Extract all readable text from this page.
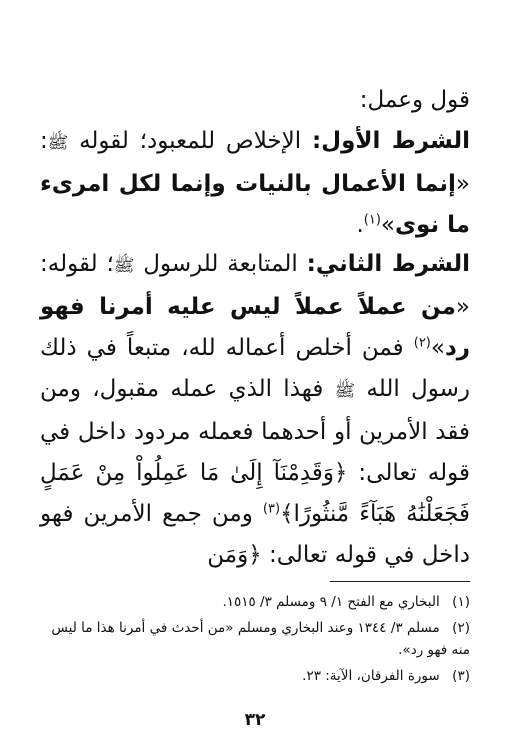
قول وعمل:
الشرط الأول: الإخلاص للمعبود؛ لقوله ﷺ: «إنما الأعمال بالنيات وإنما لكل امرىء ما نوى»$^{(١)}$.
الشرط الثاني: المتابعة للرسول ﷺ؛ لقوله: «من عملاً عملاً ليس عليه أمرنا فهو رد»$^{(٢)}$ فمن أخلص أعماله لله، متبعاً في ذلك رسول الله ﷺ فهذا الذي عمله مقبول، ومن فقد الأمرين أو أحدهما فعمله مردود داخل في قوله تعالى: ﴿وَقَدِمْنَآ إِلَىٰ مَا عَمِلُواْ مِنْ عَمَلٍ فَجَعَلْنَٰهُ هَبَآءً مَّنثُورًا﴾$^{(٣)}$ ومن جمع الأمرين فهو داخل في قوله تعالى: ﴿وَمَن
(١) البخاري مع الفتح ١/ ٩ ومسلم ٣/ ١٥١٥.
(٢) مسلم ٣/ ١٣٤٤ وعند البخاري ومسلم «من أحدث في أمرنا هذا ما ليس منه فهو رد».
(٣) سورة الفرقان، الآية: ٢٣.
٣٢
